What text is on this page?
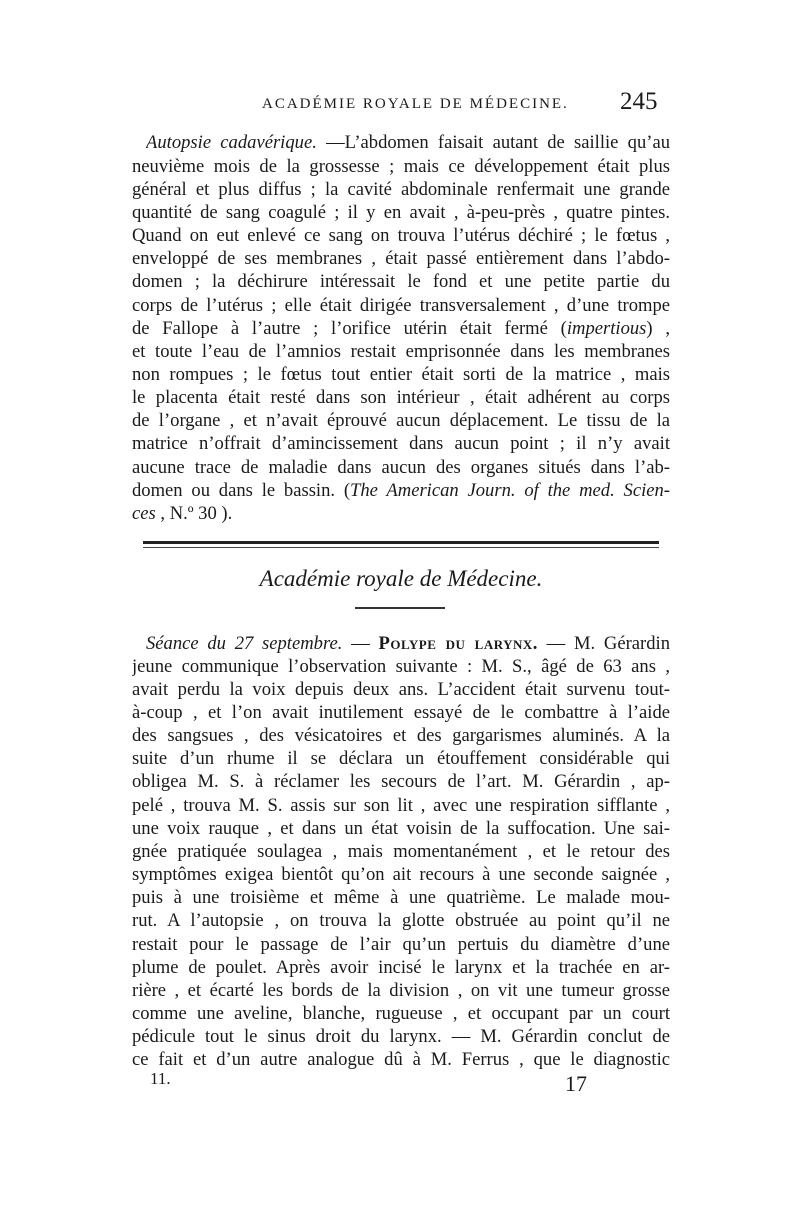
ACADÉMIE ROYALE DE MÉDECINE. 245
Autopsie cadavérique. —L’abdomen faisait autant de saillie qu’au
neuvième mois de la grossesse ; mais ce développement était plus
général et plus diffus ; la cavité abdominale renfermait une grande
quantité de sang coagulé ; il y en avait , à-peu-près , quatre pintes.
Quand on eut enlevé ce sang on trouva l’utérus déchiré ; le fœtus ,
enveloppé de ses membranes , était passé entièrement dans l’abdo-
domen ; la déchirure intéressait le fond et une petite partie du
corps de l’utérus ; elle était dirigée transversalement , d’une trompe
de Fallope à l’autre ; l’orifice utérin était fermé (impertious) ,
et toute l’eau de l’amnios restait emprisonnée dans les membranes
non rompues ; le fœtus tout entier était sorti de la matrice , mais
le placenta était resté dans son intérieur , était adhérent au corps
de l’organe , et n’avait éprouvé aucun déplacement. Le tissu de la
matrice n’offrait d’amincissement dans aucun point ; il n’y avait
aucune trace de maladie dans aucun des organes situés dans l’ab-
domen ou dans le bassin. (The American Journ. of the med. Scien-
ces , N.º 30 ).
Académie royale de Médecine.
Séance du 27 septembre. — Polype du larynx. — M. Gérardin
jeune communique l’observation suivante : M. S., âgé de 63 ans ,
avait perdu la voix depuis deux ans. L’accident était survenu tout-
à-coup , et l’on avait inutilement essayé de le combattre à l’aide
des sangsues , des vésicatoires et des gargarismes aluminés. A la
suite d’un rhume il se déclara un étouffement considérable qui
obligea M. S. à réclamer les secours de l’art. M. Gérardin , ap-
pelé , trouva M. S. assis sur son lit , avec une respiration sifflante ,
une voix rauque , et dans un état voisin de la suffocation. Une sai-
gnée pratiquée soulagea , mais momentanément , et le retour des
symptômes exigea bientôt qu’on ait recours à une seconde saignée ,
puis à une troisième et même à une quatrième. Le malade mou-
rut. A l’autopsie , on trouva la glotte obstruée au point qu’il ne
restait pour le passage de l’air qu’un pertuis du diamètre d’une
plume de poulet. Après avoir incisé le larynx et la trachée en ar-
rière , et écarté les bords de la division , on vit une tumeur grosse
comme une aveline, blanche, rugueuse , et occupant par un court
pédicule tout le sinus droit du larynx. — M. Gérardin conclut de
ce fait et d’un autre analogue dû à M. Ferrus , que le diagnostic
11.	17
